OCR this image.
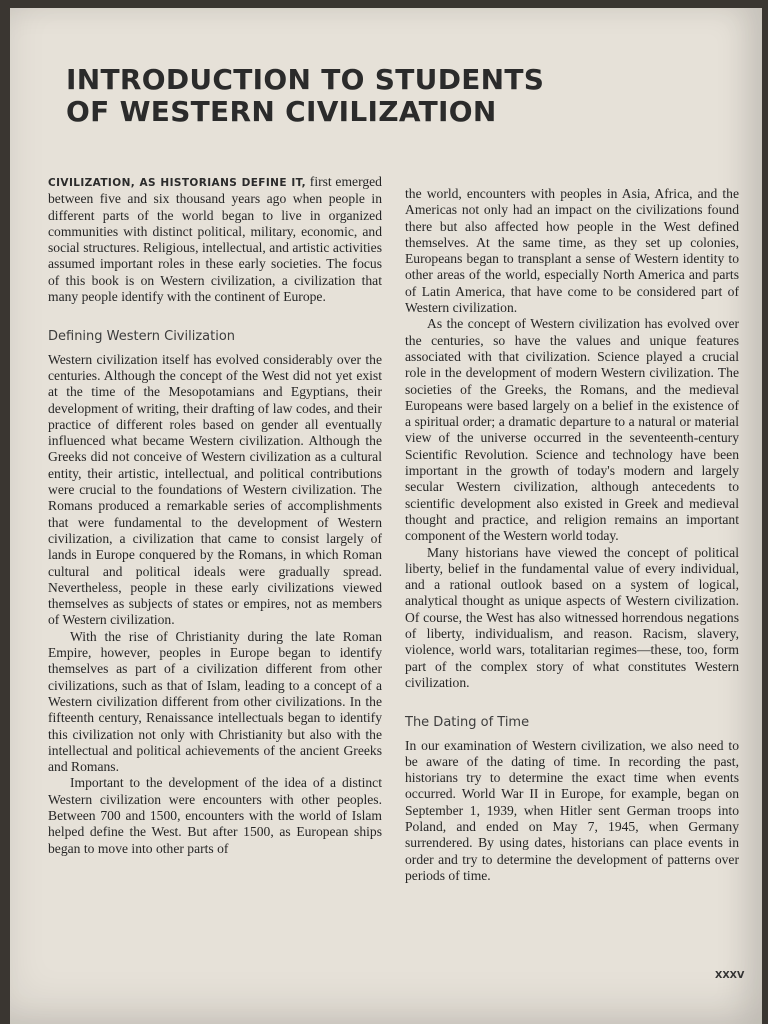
INTRODUCTION TO STUDENTS
OF WESTERN CIVILIZATION

CIVILIZATION, AS HISTORIANS DEFINE IT, first emerged between five and six thousand years ago when people in different parts of the world began to live in organized communities with distinct political, military, economic, and social structures. Religious, intellectual, and artistic activities assumed important roles in these early societies. The focus of this book is on Western civilization, a civilization that many people identify with the continent of Europe.

Defining Western Civilization

Western civilization itself has evolved considerably over the centuries. Although the concept of the West did not yet exist at the time of the Mesopotamians and Egyptians, their development of writing, their drafting of law codes, and their practice of different roles based on gender all eventually influenced what became Western civilization. Although the Greeks did not conceive of Western civilization as a cultural entity, their artistic, intellectual, and political contributions were crucial to the foundations of Western civilization. The Romans produced a remarkable series of accomplishments that were fundamental to the development of Western civilization, a civilization that came to consist largely of lands in Europe conquered by the Romans, in which Roman cultural and political ideals were gradually spread. Nevertheless, people in these early civilizations viewed themselves as subjects of states or empires, not as members of Western civilization.

With the rise of Christianity during the late Roman Empire, however, peoples in Europe began to identify themselves as part of a civilization different from other civilizations, such as that of Islam, leading to a concept of a Western civilization different from other civilizations. In the fifteenth century, Renaissance intellectuals began to identify this civilization not only with Christianity but also with the intellectual and political achievements of the ancient Greeks and Romans.

Important to the development of the idea of a distinct Western civilization were encounters with other peoples. Between 700 and 1500, encounters with the world of Islam helped define the West. But after 1500, as European ships began to move into other parts of

the world, encounters with peoples in Asia, Africa, and the Americas not only had an impact on the civilizations found there but also affected how people in the West defined themselves. At the same time, as they set up colonies, Europeans began to transplant a sense of Western identity to other areas of the world, especially North America and parts of Latin America, that have come to be considered part of Western civilization.

As the concept of Western civilization has evolved over the centuries, so have the values and unique features associated with that civilization. Science played a crucial role in the development of modern Western civilization. The societies of the Greeks, the Romans, and the medieval Europeans were based largely on a belief in the existence of a spiritual order; a dramatic departure to a natural or material view of the universe occurred in the seventeenth-century Scientific Revolution. Science and technology have been important in the growth of today's modern and largely secular Western civilization, although antecedents to scientific development also existed in Greek and medieval thought and practice, and religion remains an important component of the Western world today.

Many historians have viewed the concept of political liberty, belief in the fundamental value of every individual, and a rational outlook based on a system of logical, analytical thought as unique aspects of Western civilization. Of course, the West has also witnessed horrendous negations of liberty, individualism, and reason. Racism, slavery, violence, world wars, totalitarian regimes—these, too, form part of the complex story of what constitutes Western civilization.

The Dating of Time

In our examination of Western civilization, we also need to be aware of the dating of time. In recording the past, historians try to determine the exact time when events occurred. World War II in Europe, for example, began on September 1, 1939, when Hitler sent German troops into Poland, and ended on May 7, 1945, when Germany surrendered. By using dates, historians can place events in order and try to determine the development of patterns over periods of time.

XXXV
